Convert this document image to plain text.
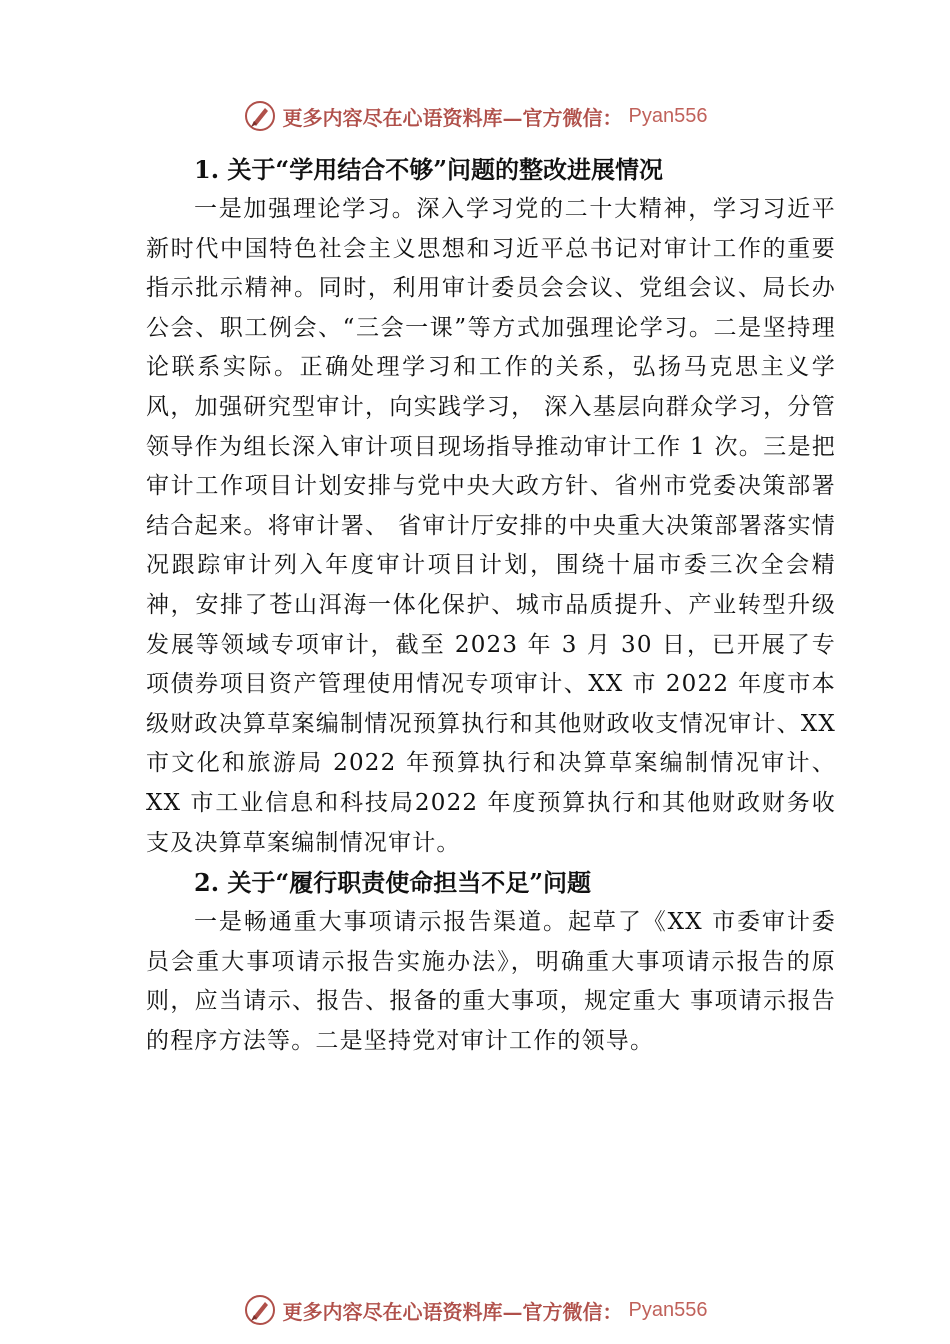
更多内容尽在心语资料库—官方微信： Pyan556

1. 关于“学用结合不够”问题的整改进展情况

一是加强理论学习。深入学习党的二十大精神，学习习近平新时代中国特色社会主义思想和习近平总书记对审计工作的重要指示批示精神。同时，利用审计委员会会议、党组会议、局长办公会、职工例会、“三会一课”等方式加强理论学习。二是坚持理论联系实际。正确处理学习和工作的关系，弘扬马克思主义学风，加强研究型审计，向实践学习， 深入基层向群众学习，分管领导作为组长深入审计项目现场指导推动审计工作 1 次。三是把审计工作项目计划安排与党中央大政方针、省州市党委决策部署结合起来。将审计署、 省审计厅安排的中央重大决策部署落实情况跟踪审计列入年度审计项目计划，围绕十届市委三次全会精神，安排了苍山洱海一体化保护、城市品质提升、产业转型升级发展等领域专项审计，截至 2023 年 3 月 30 日，已开展了专项债券项目资产管理使用情况专项审计、XX 市 2022 年度市本级财政决算草案编制情况预算执行和其他财政收支情况审计、XX 市文化和旅游局 2022 年预算执行和决算草案编制情况审计、XX 市工业信息和科技局2022 年度预算执行和其他财政财务收支及决算草案编制情况审计。

2. 关于“履行职责使命担当不足”问题

一是畅通重大事项请示报告渠道。起草了《XX 市委审计委员会重大事项请示报告实施办法》，明确重大事项请示报告的原则，应当请示、报告、报备的重大事项，规定重大 事项请示报告的程序方法等。二是坚持党对审计工作的领导。

更多内容尽在心语资料库—官方微信： Pyan556
